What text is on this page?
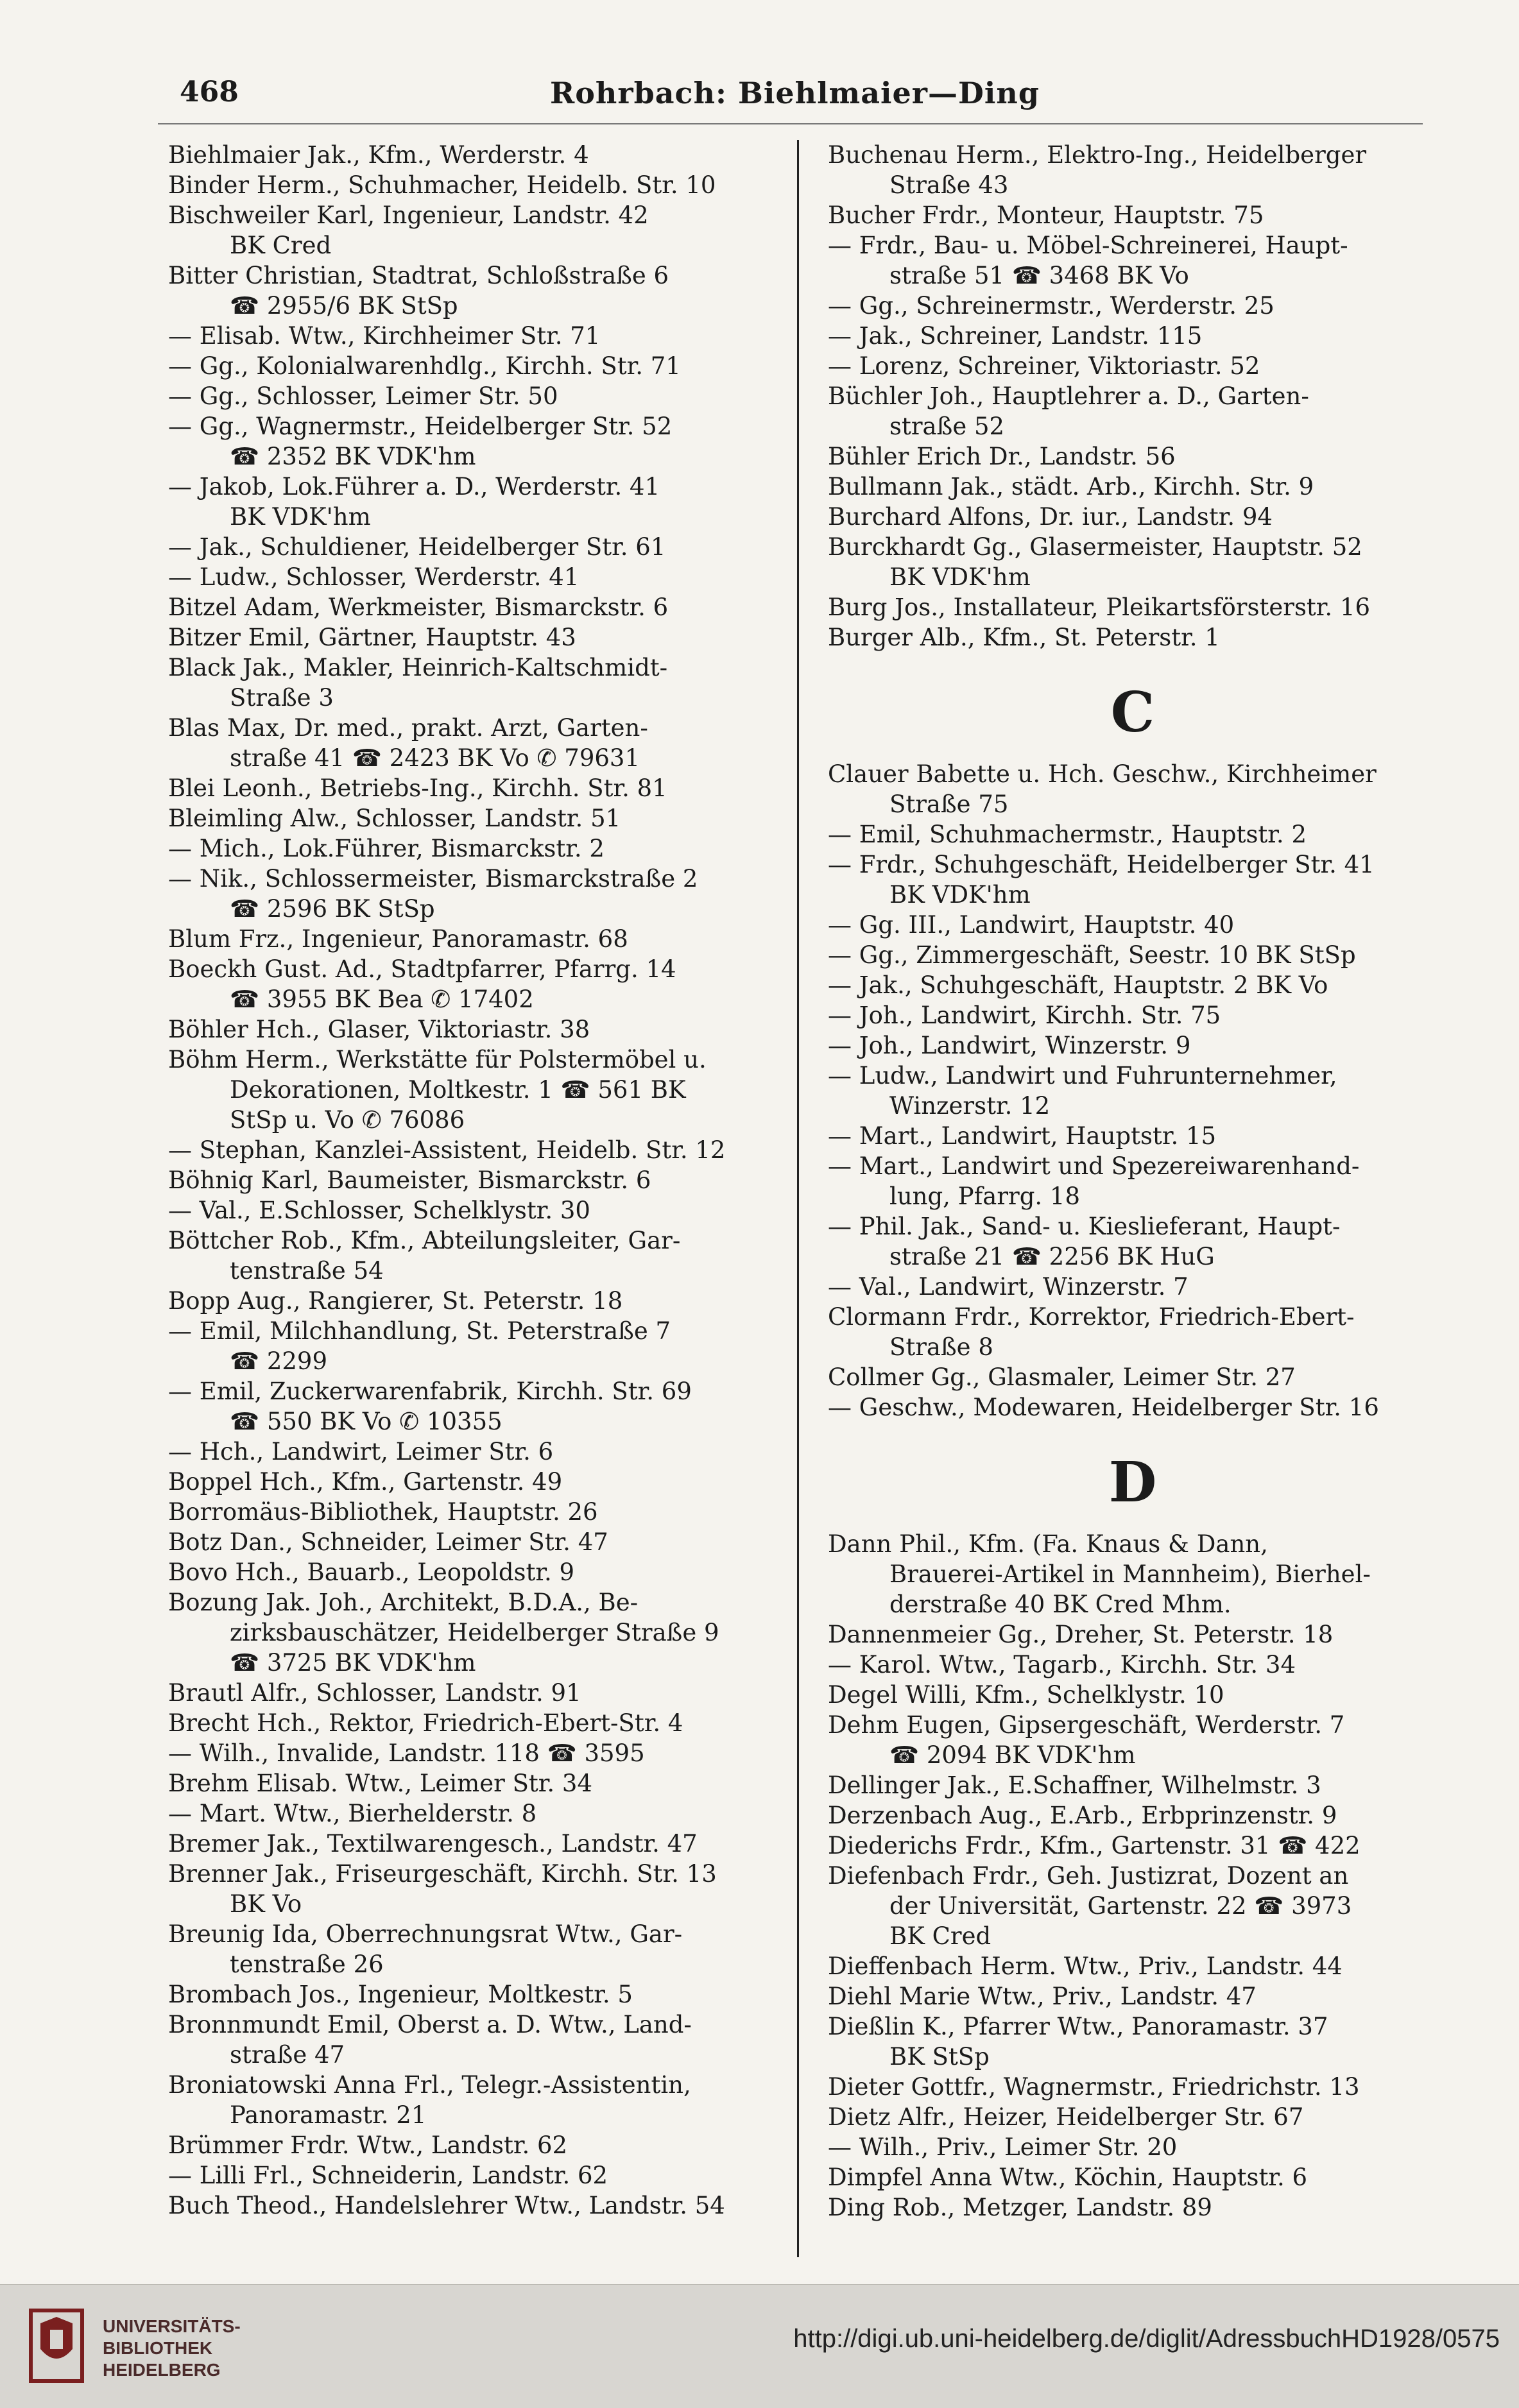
468	Rohrbach: Biehlmaier—Ding
Biehlmaier Jak., Kfm., Werderstr. 4
Binder Herm., Schuhmacher, Heidelb. Str. 10
Bischweiler Karl, Ingenieur, Landstr. 42
BK Cred
Bitter Christian, Stadtrat, Schloßstraße 6
☎ 2955/6 BK StSp
— Elisab. Wtw., Kirchheimer Str. 71
— Gg., Kolonialwarenhdlg., Kirchh. Str. 71
— Gg., Schlosser, Leimer Str. 50
— Gg., Wagnermstr., Heidelberger Str. 52
☎ 2352 BK VDK'hm
— Jakob, Lok.Führer a. D., Werderstr. 41
BK VDK'hm
— Jak., Schuldiener, Heidelberger Str. 61
— Ludw., Schlosser, Werderstr. 41
Bitzel Adam, Werkmeister, Bismarckstr. 6
Bitzer Emil, Gärtner, Hauptstr. 43
Black Jak., Makler, Heinrich-Kaltschmidt-
Straße 3
Blas Max, Dr. med., prakt. Arzt, Garten-
straße 41 ☎ 2423 BK Vo ✆ 79631
Blei Leonh., Betriebs-Ing., Kirchh. Str. 81
Bleimling Alw., Schlosser, Landstr. 51
— Mich., Lok.Führer, Bismarckstr. 2
— Nik., Schlossermeister, Bismarckstraße 2
☎ 2596 BK StSp
Blum Frz., Ingenieur, Panoramastr. 68
Boeckh Gust. Ad., Stadtpfarrer, Pfarrg. 14
☎ 3955 BK Bea ✆ 17402
Böhler Hch., Glaser, Viktoriastr. 38
Böhm Herm., Werkstätte für Polstermöbel u.
Dekorationen, Moltkestr. 1 ☎ 561 BK
StSp u. Vo ✆ 76086
— Stephan, Kanzlei-Assistent, Heidelb. Str. 12
Böhnig Karl, Baumeister, Bismarckstr. 6
— Val., E.Schlosser, Schelklystr. 30
Böttcher Rob., Kfm., Abteilungsleiter, Gar-
tenstraße 54
Bopp Aug., Rangierer, St. Peterstr. 18
— Emil, Milchhandlung, St. Peterstraße 7
☎ 2299
— Emil, Zuckerwarenfabrik, Kirchh. Str. 69
☎ 550 BK Vo ✆ 10355
— Hch., Landwirt, Leimer Str. 6
Boppel Hch., Kfm., Gartenstr. 49
Borromäus-Bibliothek, Hauptstr. 26
Botz Dan., Schneider, Leimer Str. 47
Bovo Hch., Bauarb., Leopoldstr. 9
Bozung Jak. Joh., Architekt, B.D.A., Be-
zirksbauschätzer, Heidelberger Straße 9
☎ 3725 BK VDK'hm
Brautl Alfr., Schlosser, Landstr. 91
Brecht Hch., Rektor, Friedrich-Ebert-Str. 4
— Wilh., Invalide, Landstr. 118 ☎ 3595
Brehm Elisab. Wtw., Leimer Str. 34
— Mart. Wtw., Bierhelderstr. 8
Bremer Jak., Textilwarengesch., Landstr. 47
Brenner Jak., Friseurgeschäft, Kirchh. Str. 13
BK Vo
Breunig Ida, Oberrechnungsrat Wtw., Gar-
tenstraße 26
Brombach Jos., Ingenieur, Moltkestr. 5
Bronnmundt Emil, Oberst a. D. Wtw., Land-
straße 47
Broniatowski Anna Frl., Telegr.-Assistentin,
Panoramastr. 21
Brümmer Frdr. Wtw., Landstr. 62
— Lilli Frl., Schneiderin, Landstr. 62
Buch Theod., Handelslehrer Wtw., Landstr. 54
Buchenau Herm., Elektro-Ing., Heidelberger
Straße 43
Bucher Frdr., Monteur, Hauptstr. 75
— Frdr., Bau- u. Möbel-Schreinerei, Haupt-
straße 51 ☎ 3468 BK Vo
— Gg., Schreinermstr., Werderstr. 25
— Jak., Schreiner, Landstr. 115
— Lorenz, Schreiner, Viktoriastr. 52
Büchler Joh., Hauptlehrer a. D., Garten-
straße 52
Bühler Erich Dr., Landstr. 56
Bullmann Jak., städt. Arb., Kirchh. Str. 9
Burchard Alfons, Dr. iur., Landstr. 94
Burckhardt Gg., Glasermeister, Hauptstr. 52
BK VDK'hm
Burg Jos., Installateur, Pleikartsförsterstr. 16
Burger Alb., Kfm., St. Peterstr. 1
C
Clauer Babette u. Hch. Geschw., Kirchheimer
Straße 75
— Emil, Schuhmachermstr., Hauptstr. 2
— Frdr., Schuhgeschäft, Heidelberger Str. 41
BK VDK'hm
— Gg. III., Landwirt, Hauptstr. 40
— Gg., Zimmergeschäft, Seestr. 10 BK StSp
— Jak., Schuhgeschäft, Hauptstr. 2 BK Vo
— Joh., Landwirt, Kirchh. Str. 75
— Joh., Landwirt, Winzerstr. 9
— Ludw., Landwirt und Fuhrunternehmer,
Winzerstr. 12
— Mart., Landwirt, Hauptstr. 15
— Mart., Landwirt und Spezereiwarenhand-
lung, Pfarrg. 18
— Phil. Jak., Sand- u. Kieslieferant, Haupt-
straße 21 ☎ 2256 BK HuG
— Val., Landwirt, Winzerstr. 7
Clormann Frdr., Korrektor, Friedrich-Ebert-
Straße 8
Collmer Gg., Glasmaler, Leimer Str. 27
— Geschw., Modewaren, Heidelberger Str. 16
D
Dann Phil., Kfm. (Fa. Knaus & Dann,
Brauerei-Artikel in Mannheim), Bierhel-
derstraße 40 BK Cred Mhm.
Dannenmeier Gg., Dreher, St. Peterstr. 18
— Karol. Wtw., Tagarb., Kirchh. Str. 34
Degel Willi, Kfm., Schelklystr. 10
Dehm Eugen, Gipsergeschäft, Werderstr. 7
☎ 2094 BK VDK'hm
Dellinger Jak., E.Schaffner, Wilhelmstr. 3
Derzenbach Aug., E.Arb., Erbprinzenstr. 9
Diederichs Frdr., Kfm., Gartenstr. 31 ☎ 422
Diefenbach Frdr., Geh. Justizrat, Dozent an
der Universität, Gartenstr. 22 ☎ 3973
BK Cred
Dieffenbach Herm. Wtw., Priv., Landstr. 44
Diehl Marie Wtw., Priv., Landstr. 47
Dießlin K., Pfarrer Wtw., Panoramastr. 37
BK StSp
Dieter Gottfr., Wagnermstr., Friedrichstr. 13
Dietz Alfr., Heizer, Heidelberger Str. 67
— Wilh., Priv., Leimer Str. 20
Dimpfel Anna Wtw., Köchin, Hauptstr. 6
Ding Rob., Metzger, Landstr. 89
UNIVERSITÄTS-
BIBLIOTHEK
HEIDELBERG
http://digi.ub.uni-heidelberg.de/diglit/AdressbuchHD1928/0575
